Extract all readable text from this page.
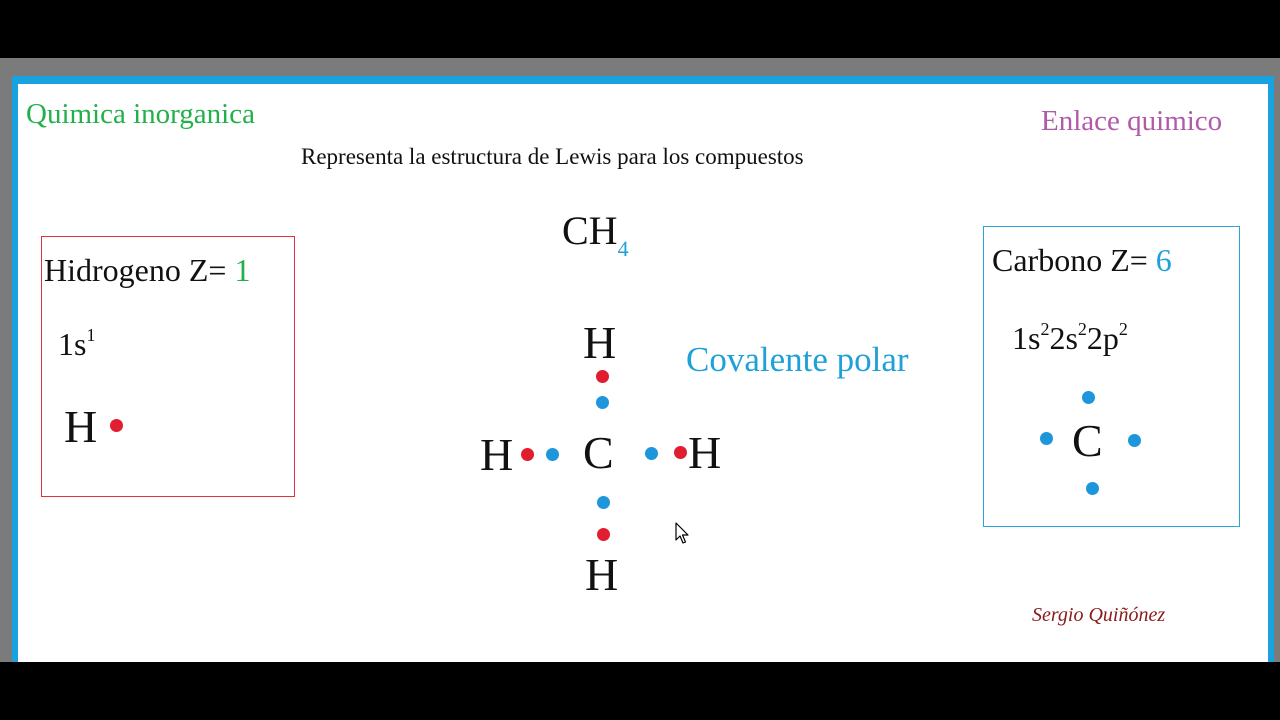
Quimica inorganica	Enlace quimico
Representa la estructura de Lewis para los compuestos
$CH_4$
Covalente polar
Hidrogeno Z= 1
$1s^1$
H
Carbono Z= 6
$1s^22s^22p^2$
C
H
H
H	H
C
Sergio Quiñónez
